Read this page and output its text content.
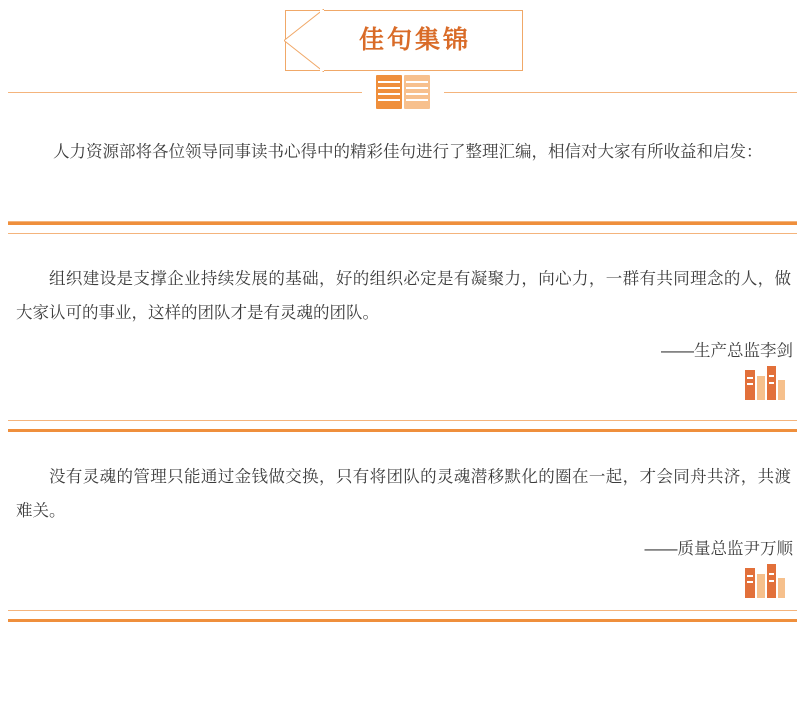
佳句集锦

人力资源部将各位领导同事读书心得中的精彩佳句进行了整理汇编，相信对大家有所收益和启发：
组织建设是支撑企业持续发展的基础，好的组织必定是有凝聚力，向心力，一群有共同理念的人，做大家认可的事业，这样的团队才是有灵魂的团队。
——生产总监李剑

没有灵魂的管理只能通过金钱做交换，只有将团队的灵魂潜移默化的圈在一起，才会同舟共济，共渡难关。
——质量总监尹万顺
